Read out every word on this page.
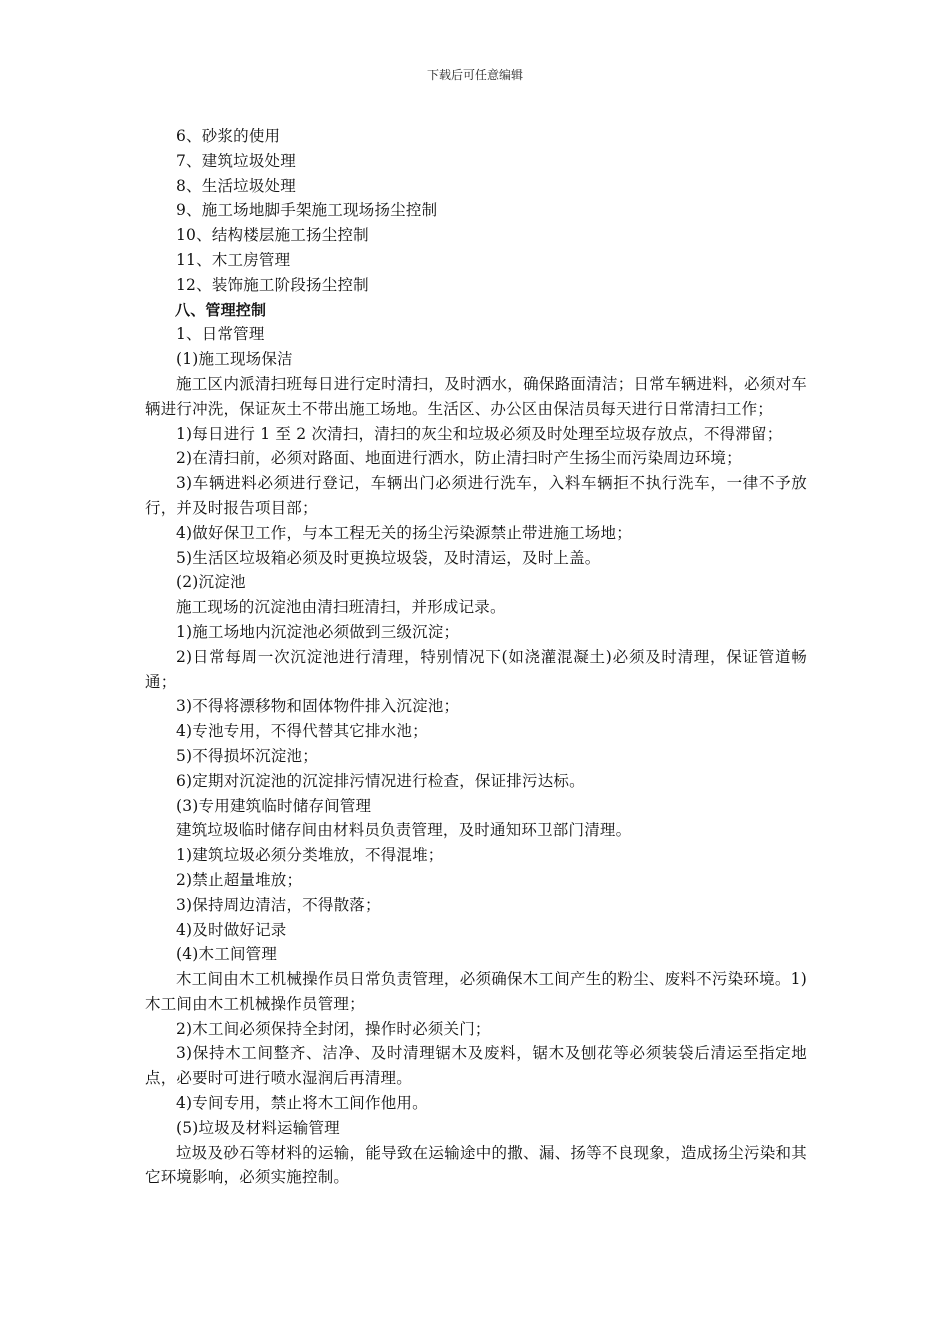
下载后可任意编辑

6、砂浆的使用

7、建筑垃圾处理

8、生活垃圾处理

9、施工场地脚手架施工现场扬尘控制

10、结构楼层施工扬尘控制

11、木工房管理

12、装饰施工阶段扬尘控制

八、管理控制

1、日常管理

(1)施工现场保洁

施工区内派清扫班每日进行定时清扫，及时洒水，确保路面清洁；日常车辆进料，必须对车辆进行冲洗，保证灰土不带出施工场地。生活区、办公区由保洁员每天进行日常清扫工作；

1)每日进行 1 至 2 次清扫，清扫的灰尘和垃圾必须及时处理至垃圾存放点，不得滞留；

2)在清扫前，必须对路面、地面进行洒水，防止清扫时产生扬尘而污染周边环境；

3)车辆进料必须进行登记，车辆出门必须进行洗车，入料车辆拒不执行洗车，一律不予放行，并及时报告项目部；

4)做好保卫工作，与本工程无关的扬尘污染源禁止带进施工场地；

5)生活区垃圾箱必须及时更换垃圾袋，及时清运，及时上盖。

(2)沉淀池

施工现场的沉淀池由清扫班清扫，并形成记录。

1)施工场地内沉淀池必须做到三级沉淀；

2)日常每周一次沉淀池进行清理，特别情况下(如浇灌混凝土)必须及时清理，保证管道畅通；

3)不得将漂移物和固体物件排入沉淀池；

4)专池专用，不得代替其它排水池；

5)不得损坏沉淀池；

6)定期对沉淀池的沉淀排污情况进行检查，保证排污达标。

(3)专用建筑临时储存间管理

建筑垃圾临时储存间由材料员负责管理，及时通知环卫部门清理。

1)建筑垃圾必须分类堆放，不得混堆；

2)禁止超量堆放；

3)保持周边清洁，不得散落；

4)及时做好记录

(4)木工间管理

木工间由木工机械操作员日常负责管理，必须确保木工间产生的粉尘、废料不污染环境。1)木工间由木工机械操作员管理；

2)木工间必须保持全封闭，操作时必须关门；

3)保持木工间整齐、洁净、及时清理锯木及废料，锯木及刨花等必须装袋后清运至指定地点，必要时可进行喷水湿润后再清理。

4)专间专用，禁止将木工间作他用。

(5)垃圾及材料运输管理

垃圾及砂石等材料的运输，能导致在运输途中的撒、漏、扬等不良现象，造成扬尘污染和其它环境影响，必须实施控制。
